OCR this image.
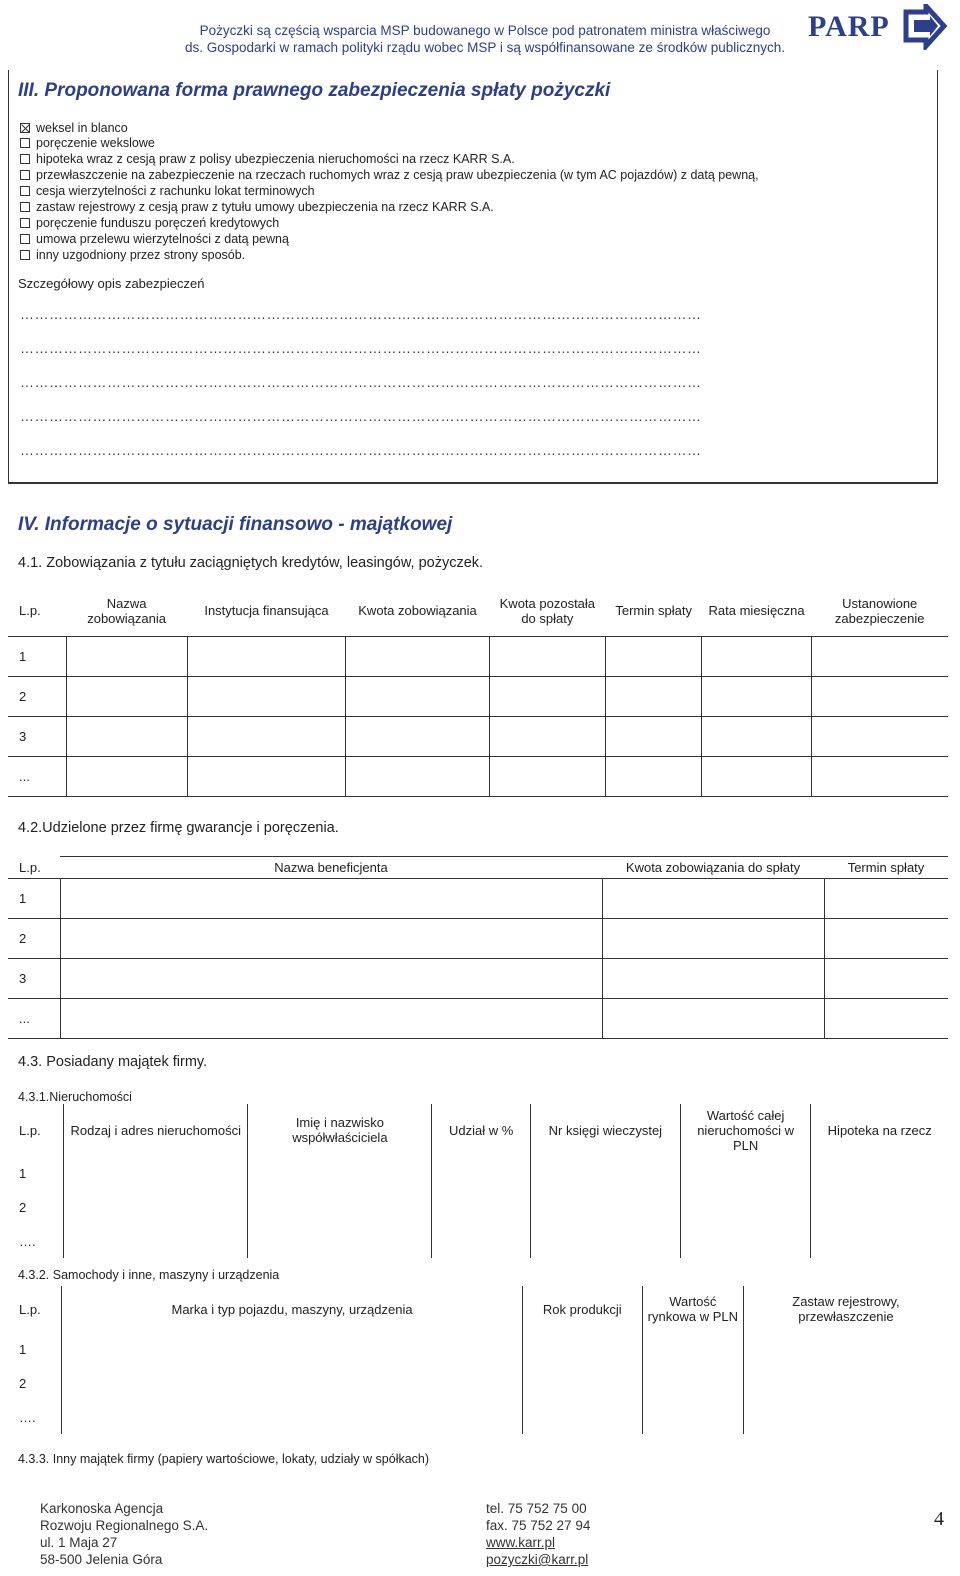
Pożyczki są częścią wsparcia MSP budowanego w Polsce pod patronatem ministra właściwego
ds. Gospodarki w ramach polityki rządu wobec MSP i są współfinansowane ze środków publicznych.
PARP
III. Proponowana forma prawnego zabezpieczenia spłaty pożyczki
weksel in blanco
poręczenie wekslowe
hipoteka wraz z cesją praw z polisy ubezpieczenia nieruchomości na rzecz KARR S.A.
przewłaszczenie na zabezpieczenie na rzeczach ruchomych wraz z cesją praw ubezpieczenia (w tym AC pojazdów) z datą pewną,
cesja wierzytelności z rachunku lokat terminowych
zastaw rejestrowy z cesją praw z tytułu umowy ubezpieczenia na rzecz KARR S.A.
poręczenie funduszu poręczeń kredytowych
umowa przelewu wierzytelności z datą pewną
inny uzgodniony przez strony sposób.
Szczegółowy opis zabezpieczeń
……………………………………………………………………………………………………………………………
……………………………………………………………………………………………………………………………
……………………………………………………………………………………………………………………………
……………………………………………………………………………………………………………………………
……………………………………………………………………………………………………………………………
IV. Informacje o sytuacji finansowo - majątkowej
4.1. Zobowiązania z tytułu zaciągniętych kredytów, leasingów, pożyczek.
L.p.	Nazwa zobowiązania	Instytucja finansująca	Kwota zobowiązania	Kwota pozostała do spłaty	Termin spłaty	Rata miesięczna	Ustanowione zabezpieczenie
1							
2							
3							
...							
4.2.Udzielone przez firmę gwarancje i poręczenia.
L.p.	Nazwa beneficjenta	Kwota zobowiązania do spłaty	Termin spłaty
1			
2			
3			
...			
4.3. Posiadany majątek firmy.
4.3.1.Nieruchomości
L.p.	Rodzaj i adres nieruchomości	Imię i nazwisko współwłaściciela	Udział w %	Nr księgi wieczystej	Wartość całej nieruchomości w PLN	Hipoteka na rzecz
1						
2						
….						
4.3.2. Samochody i inne, maszyny i urządzenia
L.p.	Marka i typ pojazdu, maszyny, urządzenia	Rok produkcji	Wartość rynkowa w PLN	Zastaw rejestrowy, przewłaszczenie
1				
2				
….				
4.3.3. Inny majątek firmy (papiery wartościowe, lokaty, udziały w spółkach)
Karkonoska Agencja
Rozwoju Regionalnego S.A.
ul. 1 Maja 27
58-500 Jelenia Góra
tel. 75 752 75 00
fax. 75 752 27 94
www.karr.pl
pozyczki@karr.pl
4
